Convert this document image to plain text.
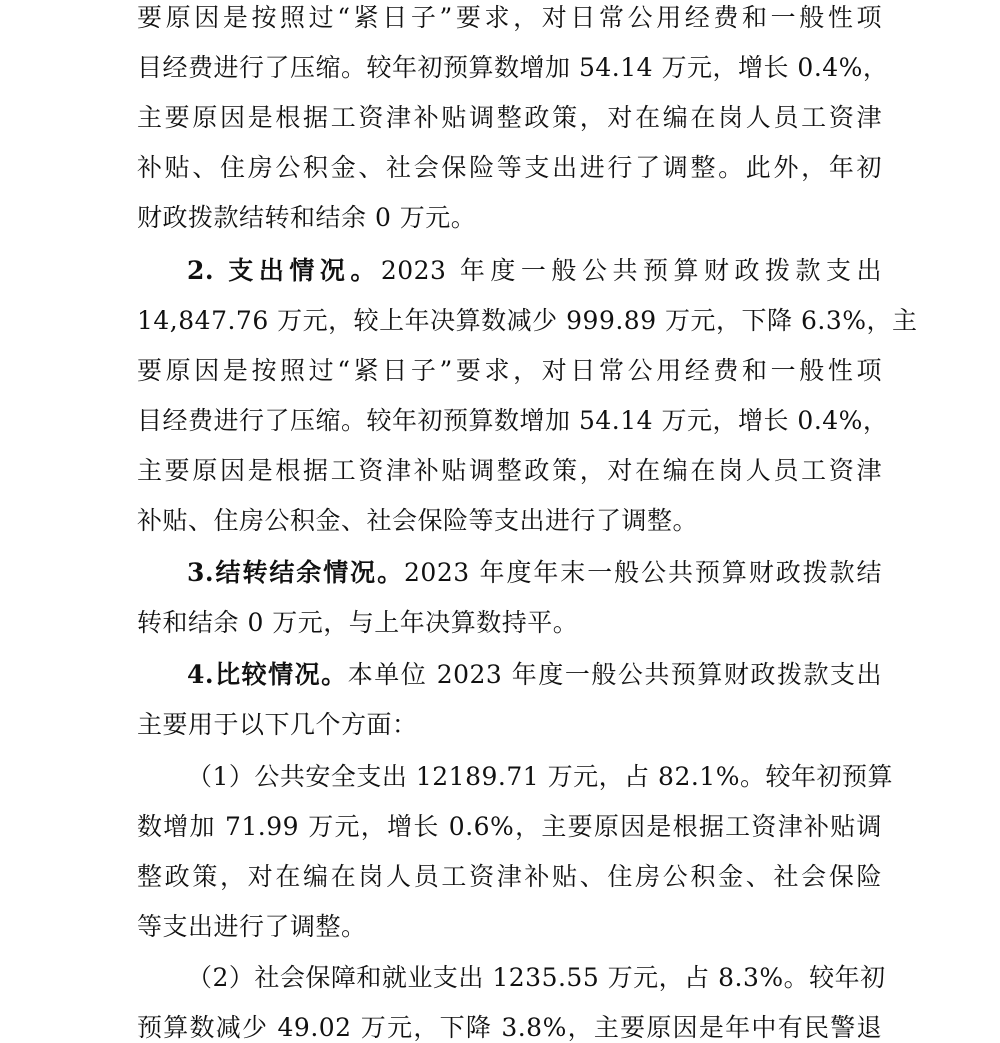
要原因是按照过“紧日子”要求，对日常公用经费和一般性项
目经费进行了压缩。较年初预算数增加 54.14 万元，增长 0.4%，
主要原因是根据工资津补贴调整政策，对在编在岗人员工资津
补贴、住房公积金、社会保险等支出进行了调整。此外，年初
财政拨款结转和结余 0 万元。
2. 支出情况。2023 年度一般公共预算财政拨款支出
14,847.76 万元，较上年决算数减少 999.89 万元，下降 6.3%，主
要原因是按照过“紧日子”要求，对日常公用经费和一般性项
目经费进行了压缩。较年初预算数增加 54.14 万元，增长 0.4%，
主要原因是根据工资津补贴调整政策，对在编在岗人员工资津
补贴、住房公积金、社会保险等支出进行了调整。
3.结转结余情况。2023 年度年末一般公共预算财政拨款结
转和结余 0 万元，与上年决算数持平。
4.比较情况。本单位 2023 年度一般公共预算财政拨款支出
主要用于以下几个方面：
（1）公共安全支出 12189.71 万元，占 82.1%。较年初预算
数增加 71.99 万元，增长 0.6%，主要原因是根据工资津补贴调
整政策，对在编在岗人员工资津补贴、住房公积金、社会保险
等支出进行了调整。
（2）社会保障和就业支出 1235.55 万元，占 8.3%。较年初
预算数减少 49.02 万元，下降 3.8%，主要原因是年中有民警退
